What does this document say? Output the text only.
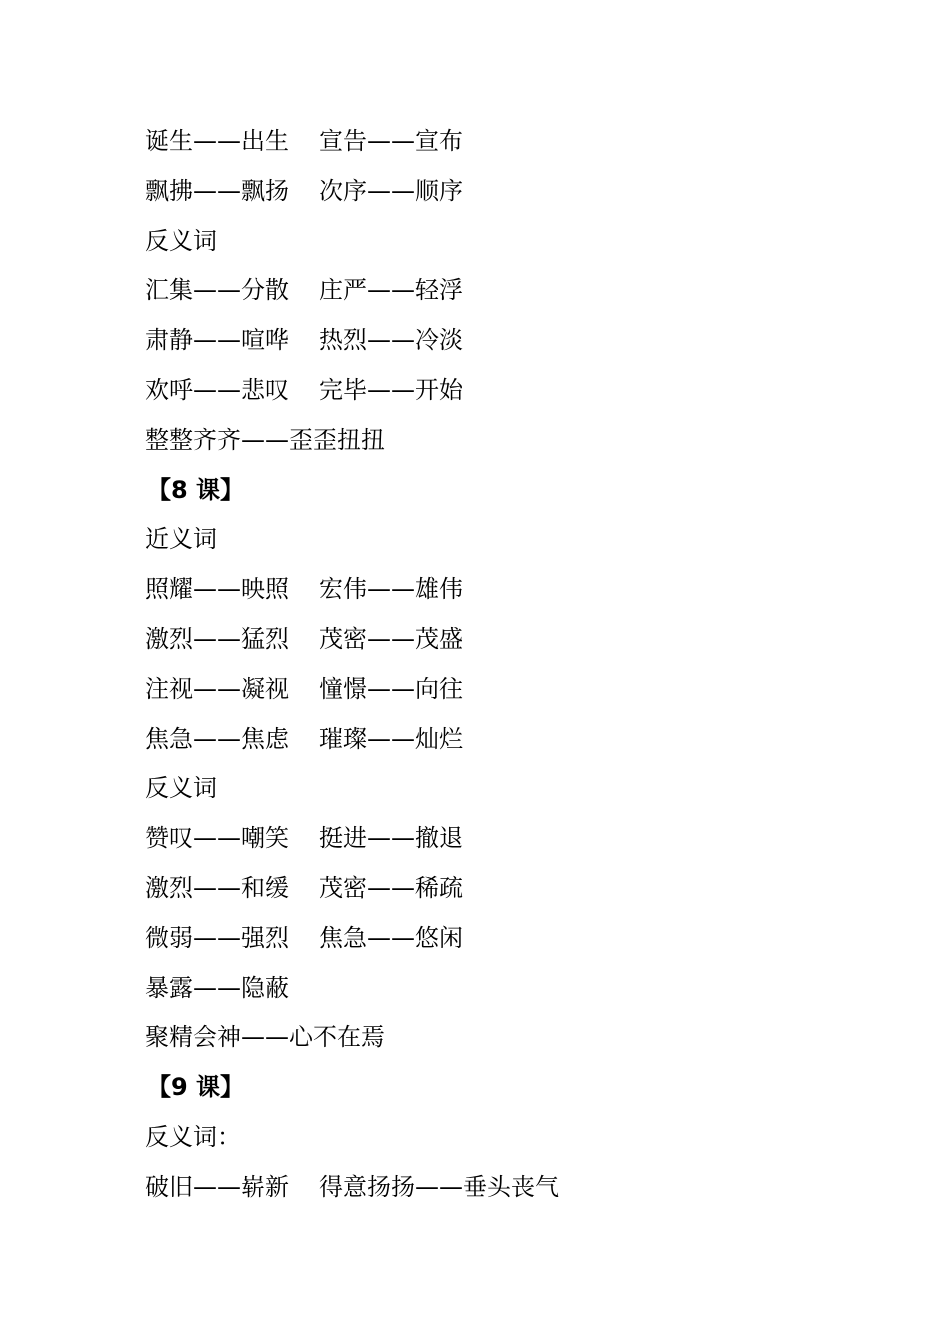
诞生——出生 宣告——宣布
飘拂——飘扬 次序——顺序
反义词
汇集——分散 庄严——轻浮
肃静——喧哗 热烈——冷淡
欢呼——悲叹 完毕——开始
整整齐齐——歪歪扭扭
【8 课】
近义词
照耀——映照 宏伟——雄伟
激烈——猛烈 茂密——茂盛
注视——凝视 憧憬——向往
焦急——焦虑 璀璨——灿烂
反义词
赞叹——嘲笑 挺进——撤退
激烈——和缓 茂密——稀疏
微弱——强烈 焦急——悠闲
暴露——隐蔽
聚精会神——心不在焉
【9 课】
反义词：
破旧——崭新 得意扬扬——垂头丧气
